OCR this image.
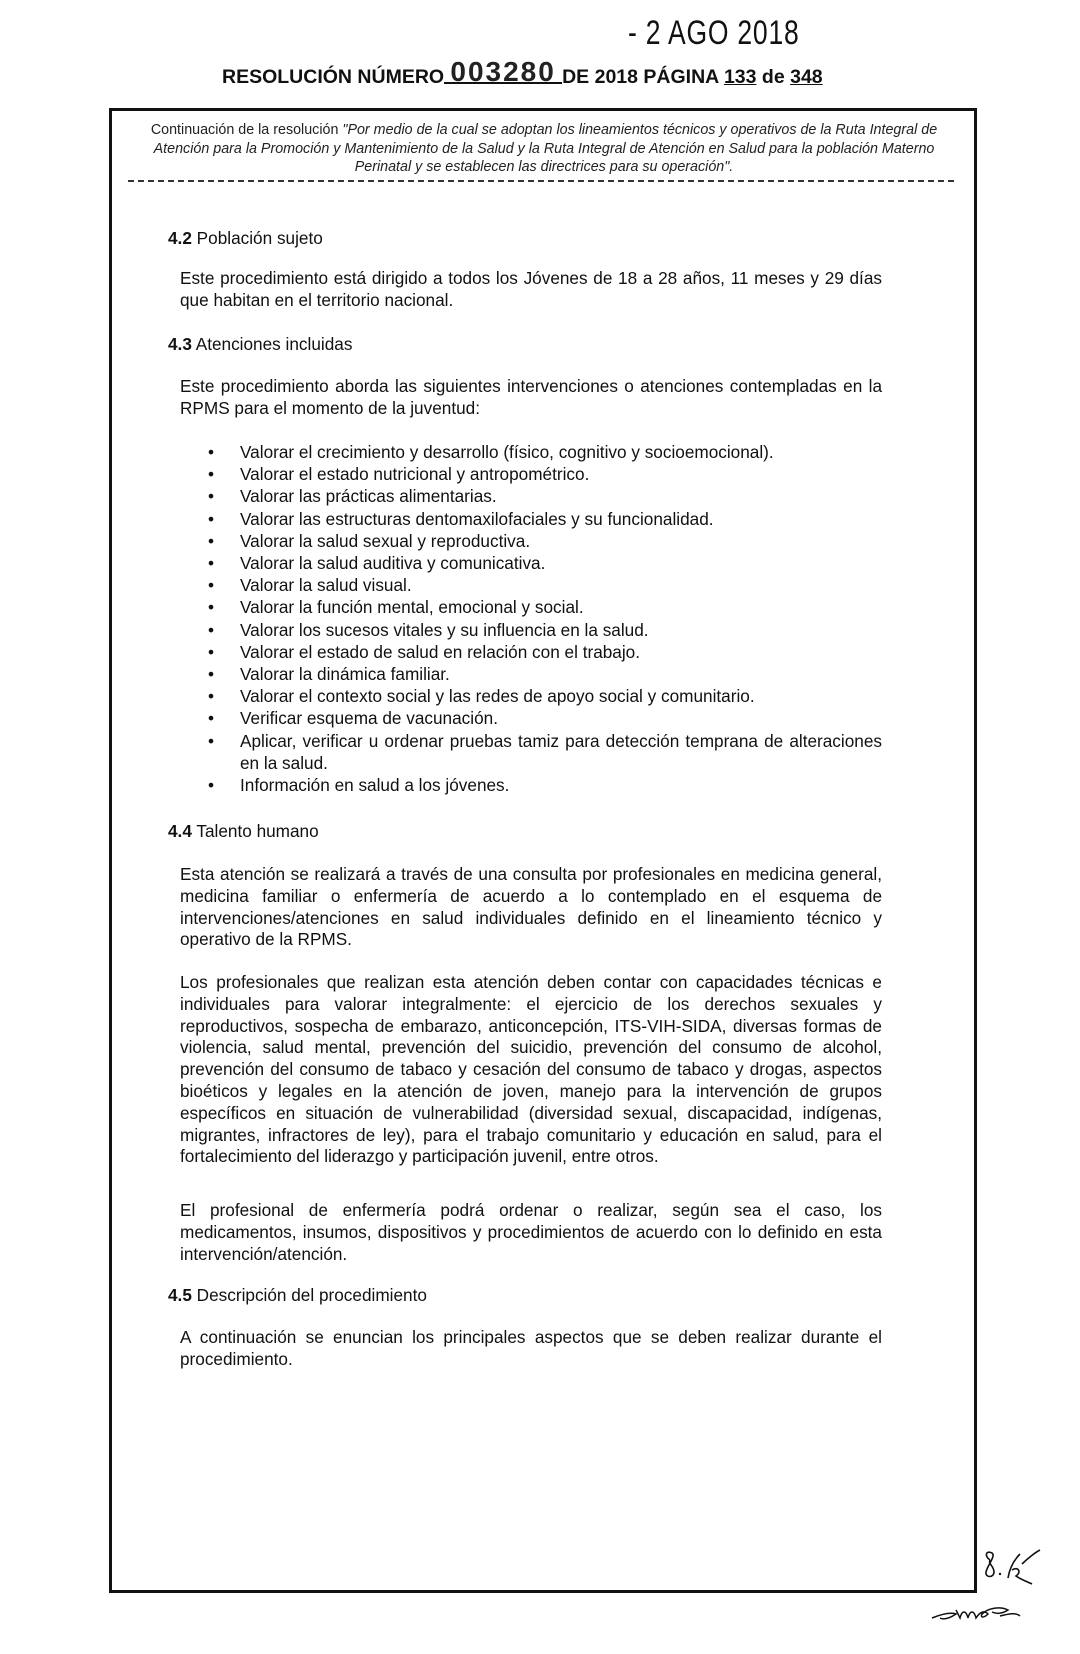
- 2 AGO 2018
RESOLUCIÓN NÚMERO 003280 DE 2018 PÁGINA 133 de 348
Continuación de la resolución "Por medio de la cual se adoptan los lineamientos técnicos y operativos de la Ruta Integral de Atención para la Promoción y Mantenimiento de la Salud y la Ruta Integral de Atención en Salud para la población Materno Perinatal y se establecen las directrices para su operación".
4.2 Población sujeto
Este procedimiento está dirigido a todos los Jóvenes de 18 a 28 años, 11 meses y 29 días que habitan en el territorio nacional.
4.3 Atenciones incluidas
Este procedimiento aborda las siguientes intervenciones o atenciones contempladas en la RPMS para el momento de la juventud:
• Valorar el crecimiento y desarrollo (físico, cognitivo y socioemocional).
• Valorar el estado nutricional y antropométrico.
• Valorar las prácticas alimentarias.
• Valorar las estructuras dentomaxilofaciales y su funcionalidad.
• Valorar la salud sexual y reproductiva.
• Valorar la salud auditiva y comunicativa.
• Valorar la salud visual.
• Valorar la función mental, emocional y social.
• Valorar los sucesos vitales y su influencia en la salud.
• Valorar el estado de salud en relación con el trabajo.
• Valorar la dinámica familiar.
• Valorar el contexto social y las redes de apoyo social y comunitario.
• Verificar esquema de vacunación.
• Aplicar, verificar u ordenar pruebas tamiz para detección temprana de alteraciones en la salud.
• Información en salud a los jóvenes.
4.4 Talento humano
Esta atención se realizará a través de una consulta por profesionales en medicina general, medicina familiar o enfermería de acuerdo a lo contemplado en el esquema de intervenciones/atenciones en salud individuales definido en el lineamiento técnico y operativo de la RPMS.
Los profesionales que realizan esta atención deben contar con capacidades técnicas e individuales para valorar integralmente: el ejercicio de los derechos sexuales y reproductivos, sospecha de embarazo, anticoncepción, ITS-VIH-SIDA, diversas formas de violencia, salud mental, prevención del suicidio, prevención del consumo de alcohol, prevención del consumo de tabaco y cesación del consumo de tabaco y drogas, aspectos bioéticos y legales en la atención de joven, manejo para la intervención de grupos específicos en situación de vulnerabilidad (diversidad sexual, discapacidad, indígenas, migrantes, infractores de ley), para el trabajo comunitario y educación en salud, para el fortalecimiento del liderazgo y participación juvenil, entre otros.
El profesional de enfermería podrá ordenar o realizar, según sea el caso, los medicamentos, insumos, dispositivos y procedimientos de acuerdo con lo definido en esta intervención/atención.
4.5 Descripción del procedimiento
A continuación se enuncian los principales aspectos que se deben realizar durante el procedimiento.
